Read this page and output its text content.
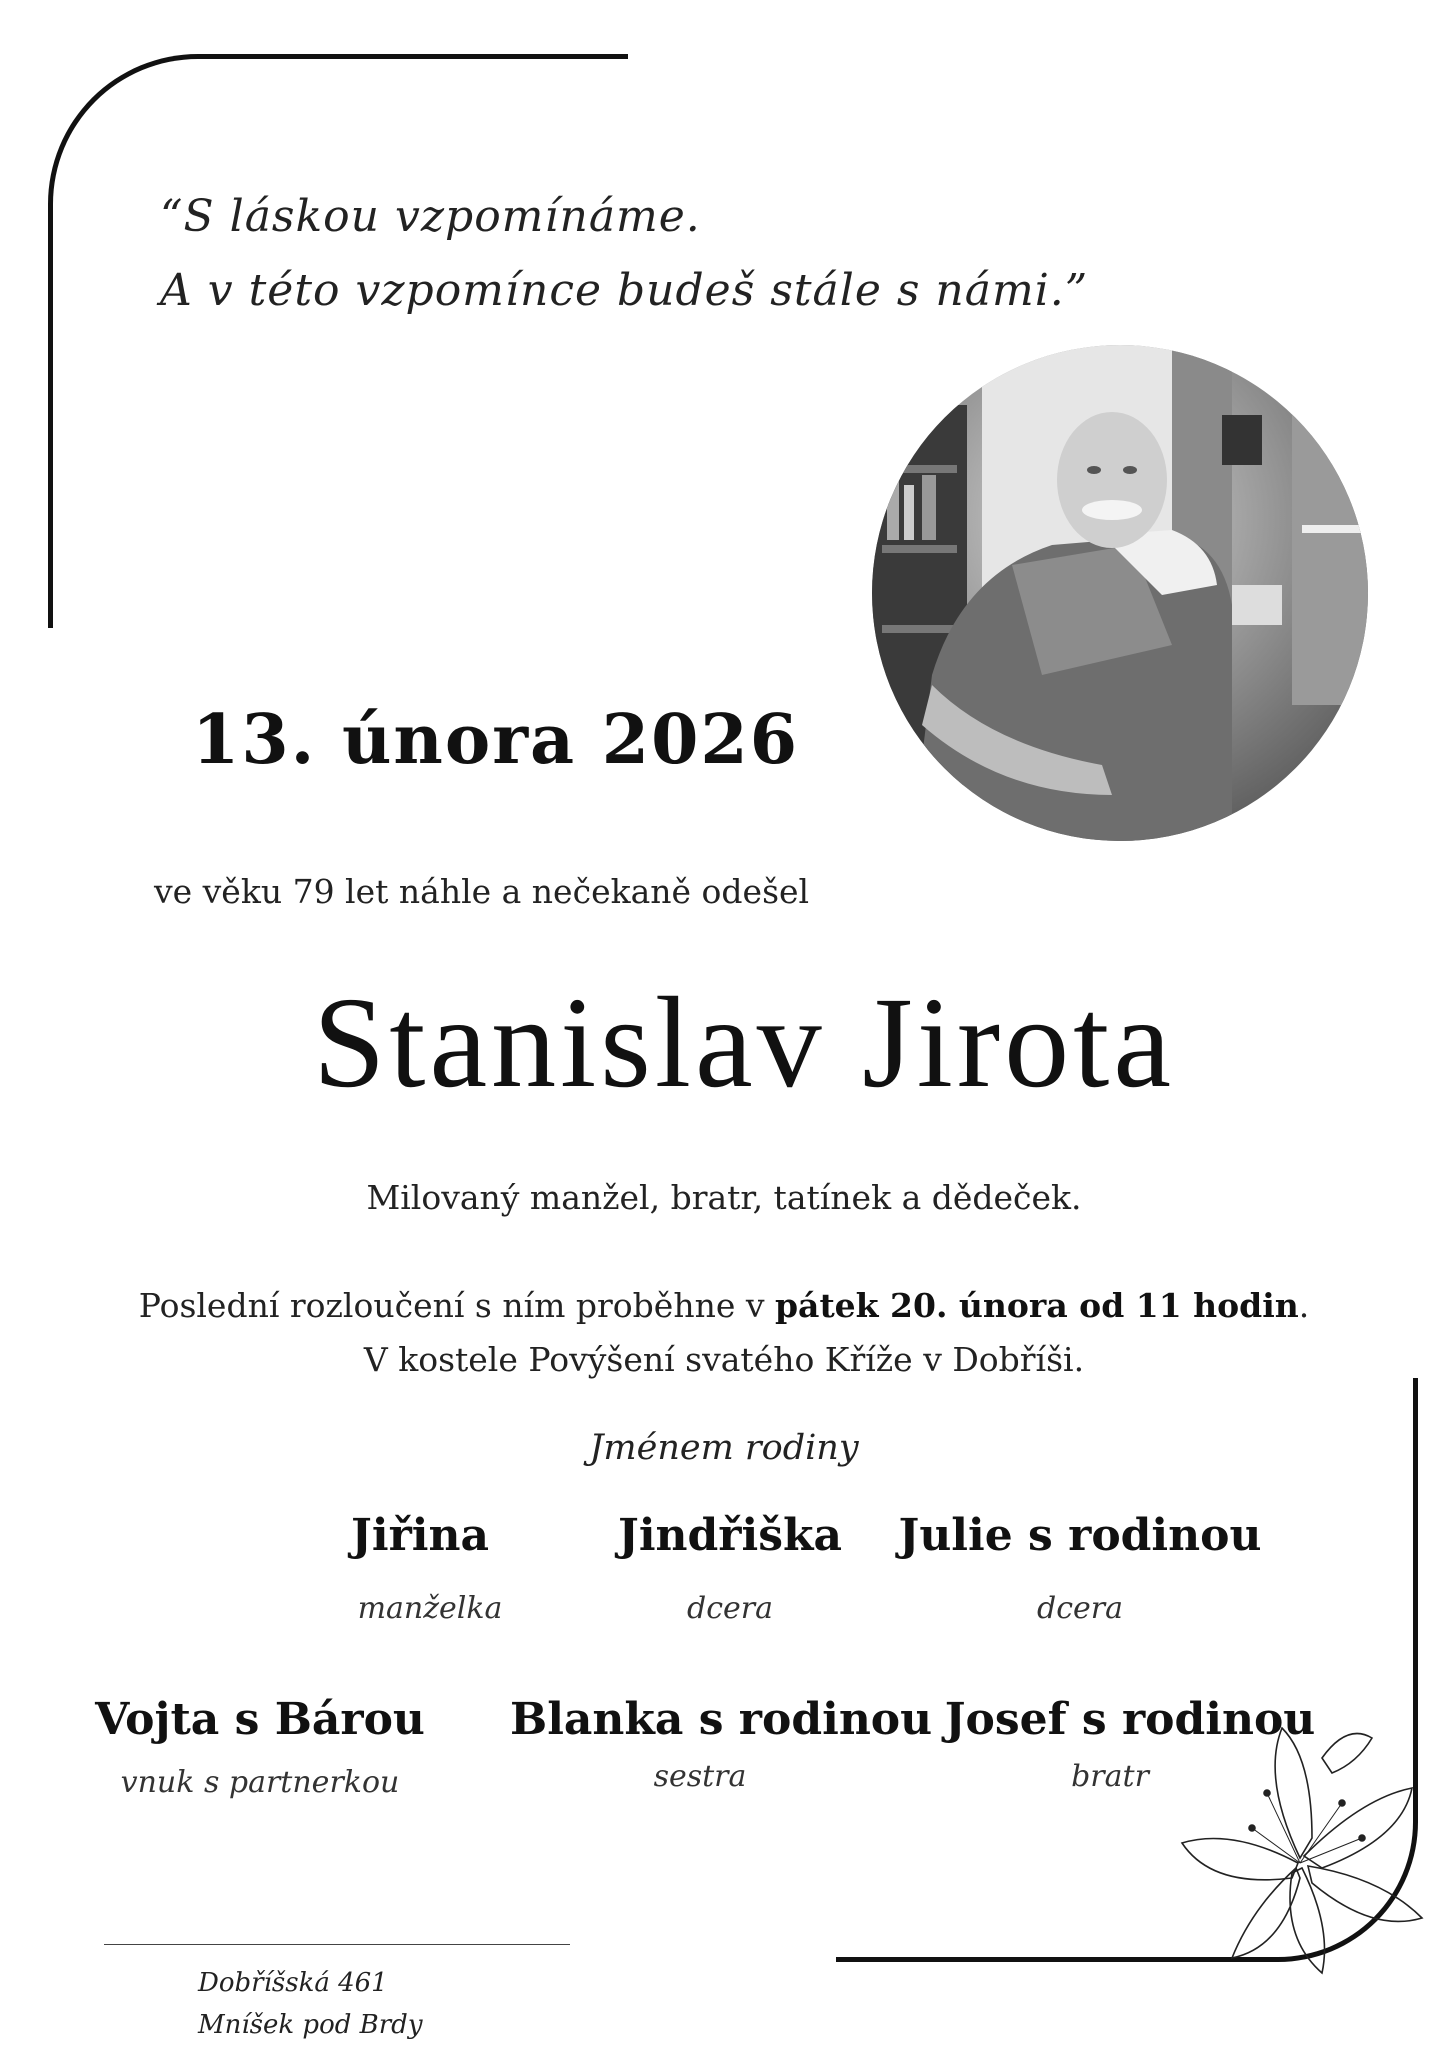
“S láskou vzpomínáme.
A v této vzpomínce budeš stále s námi.”
13. února 2026
ve věku 79 let náhle a nečekaně odešel
Stanislav Jirota
Milovaný manžel, bratr, tatínek a dědeček.
Poslední rozloučení s ním proběhne v pátek 20. února od 11 hodin.
V kostele Povýšení svatého Kříže v Dobříši.
Jménem rodiny
Jiřina
manželka
Jindřiška
dcera
Julie s rodinou
dcera
Vojta s Bárou
vnuk s partnerkou
Blanka s rodinou
sestra
Josef s rodinou
bratr
Dobříšská 461
Mníšek pod Brdy
